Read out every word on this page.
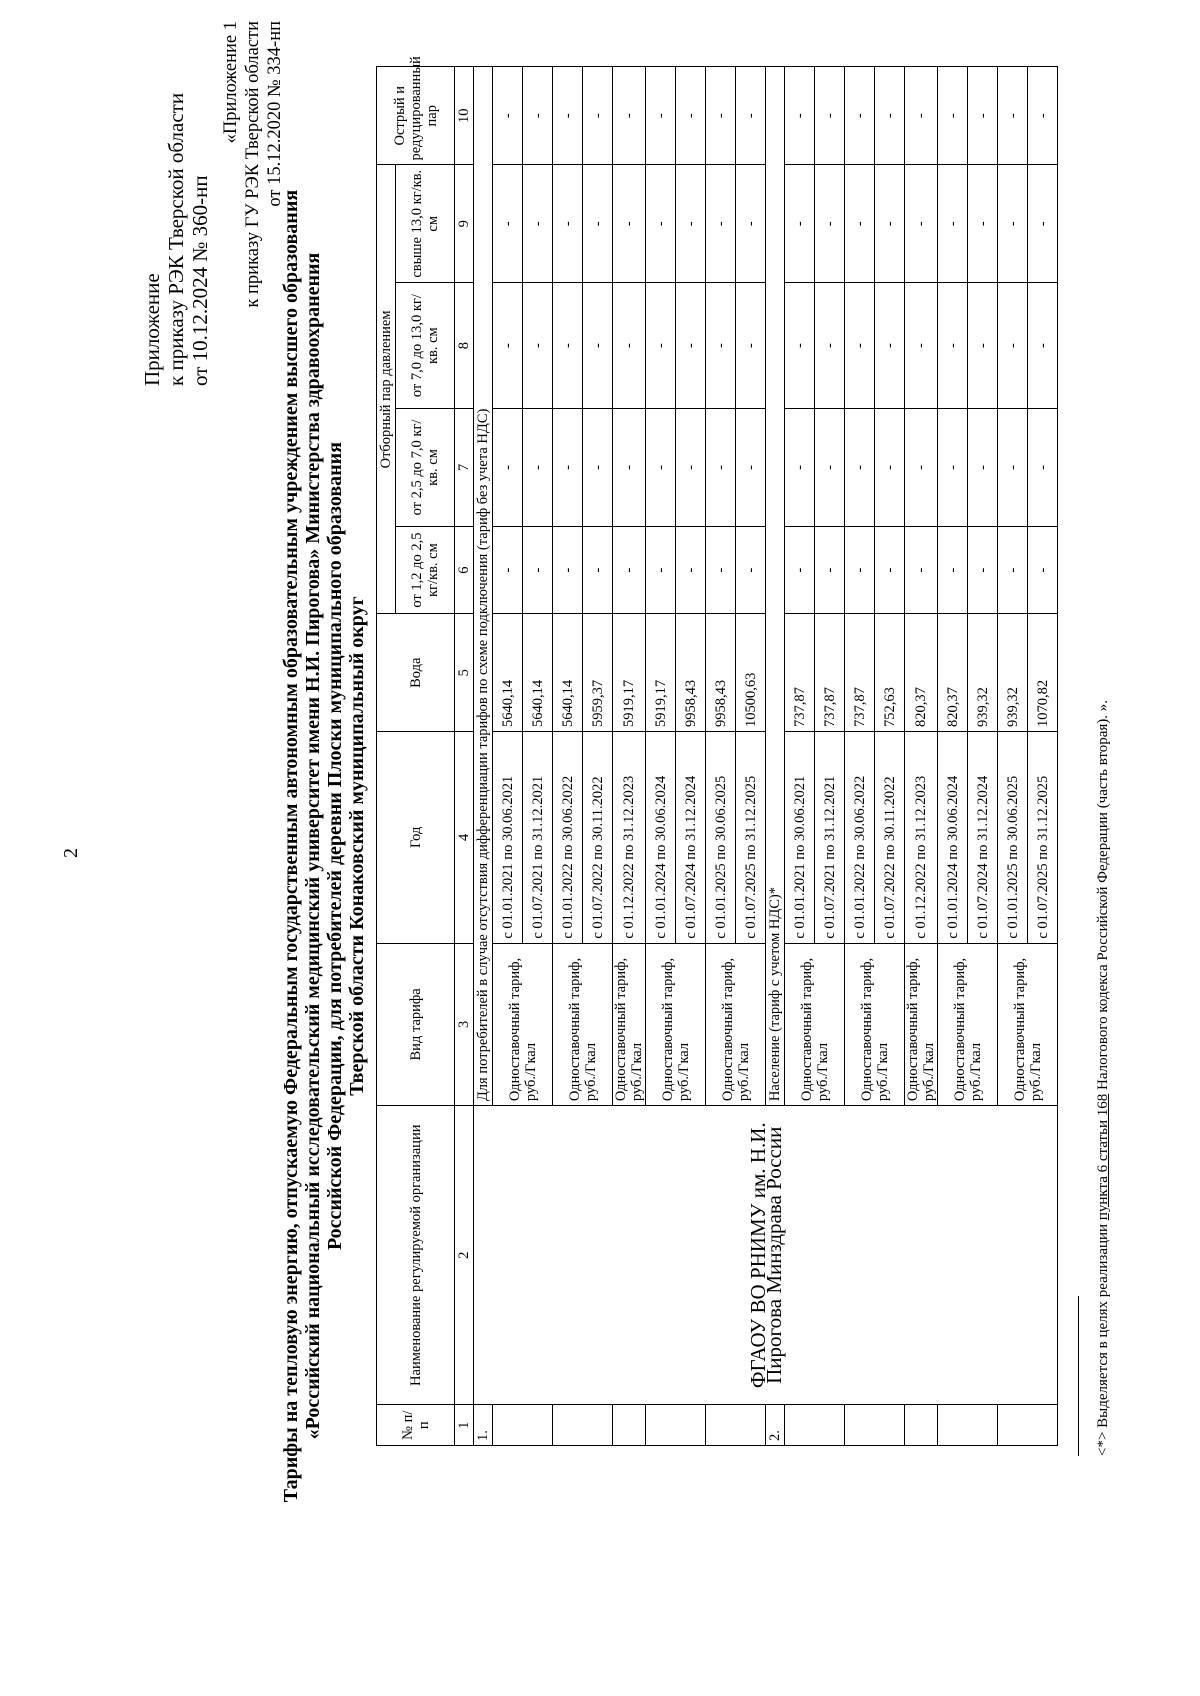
2
Приложение к приказу РЭК Тверской области от 10.12.2024 № 360-нп
«Приложение 1 к приказу ГУ РЭК Тверской области от 15.12.2020 № 334-нп
Тарифы на тепловую энергию, отпускаемую Федеральным государственным автономным образовательным учреждением высшего образования «Российский национальный исследовательский медицинский университет имени Н.И. Пирогова» Министерства здравоохранения Российской Федерации, для потребителей деревни Плоски муниципального образования Тверской области Конаковский муниципальный округ
№ п/п	Наименование регулируемой организации	Вид тарифа	Год	Вода	Отборный пар давлением				Острый и редуцированный пар
					от 1,2 до 2,5 кг/кв. см	от 2,5 до 7,0 кг/кв. см	от 7,0 до 13,0 кг/кв. см	свыше 13,0 кг/кв. см	
1	2	3	4	5	6	7	8	9	10
1.	ФГАОУ ВО РНИМУ им. Н.И. Пирогова Минздрава России	Для потребителей в случае отсутствия дифференциации тарифов по схеме подключения (тариф без учета НДС)							
		Одноставочный тариф, руб./Гкал	с 01.01.2021 по 30.06.2021	5640,14	-	-	-	-	-
			с 01.07.2021 по 31.12.2021	5640,14	-	-	-	-	-
		Одноставочный тариф, руб./Гкал	с 01.01.2022 по 30.06.2022	5640,14	-	-	-	-	-
			с 01.07.2022 по 30.11.2022	5959,37	-	-	-	-	-
		Одноставочный тариф, руб./Гкал	с 01.12.2022 по 31.12.2023	5919,17	-	-	-	-	-
		Одноставочный тариф, руб./Гкал	с 01.01.2024 по 30.06.2024	5919,17	-	-	-	-	-
			с 01.07.2024 по 31.12.2024	9958,43	-	-	-	-	-
		Одноставочный тариф, руб./Гкал	с 01.01.2025 по 30.06.2025	9958,43	-	-	-	-	-
			с 01.07.2025 по 31.12.2025	10500,63	-	-	-	-	-
2.		Население (тариф с учетом НДС)*							
		Одноставочный тариф, руб./Гкал	с 01.01.2021 по 30.06.2021	737,87	-	-	-	-	-
			с 01.07.2021 по 31.12.2021	737,87	-	-	-	-	-
		Одноставочный тариф, руб./Гкал	с 01.01.2022 по 30.06.2022	737,87	-	-	-	-	-
			с 01.07.2022 по 30.11.2022	752,63	-	-	-	-	-
		Одноставочный тариф, руб./Гкал	с 01.12.2022 по 31.12.2023	820,37	-	-	-	-	-
		Одноставочный тариф, руб./Гкал	с 01.01.2024 по 30.06.2024	820,37	-	-	-	-	-
			с 01.07.2024 по 31.12.2024	939,32	-	-	-	-	-
		Одноставочный тариф, руб./Гкал	с 01.01.2025 по 30.06.2025	939,32	-	-	-	-	-
			с 01.07.2025 по 31.12.2025	1070,82	-	-	-	-	-
<*> Выделяется в целях реализации пункта 6 статьи 168 Налогового кодекса Российской Федерации (часть вторая). ».
